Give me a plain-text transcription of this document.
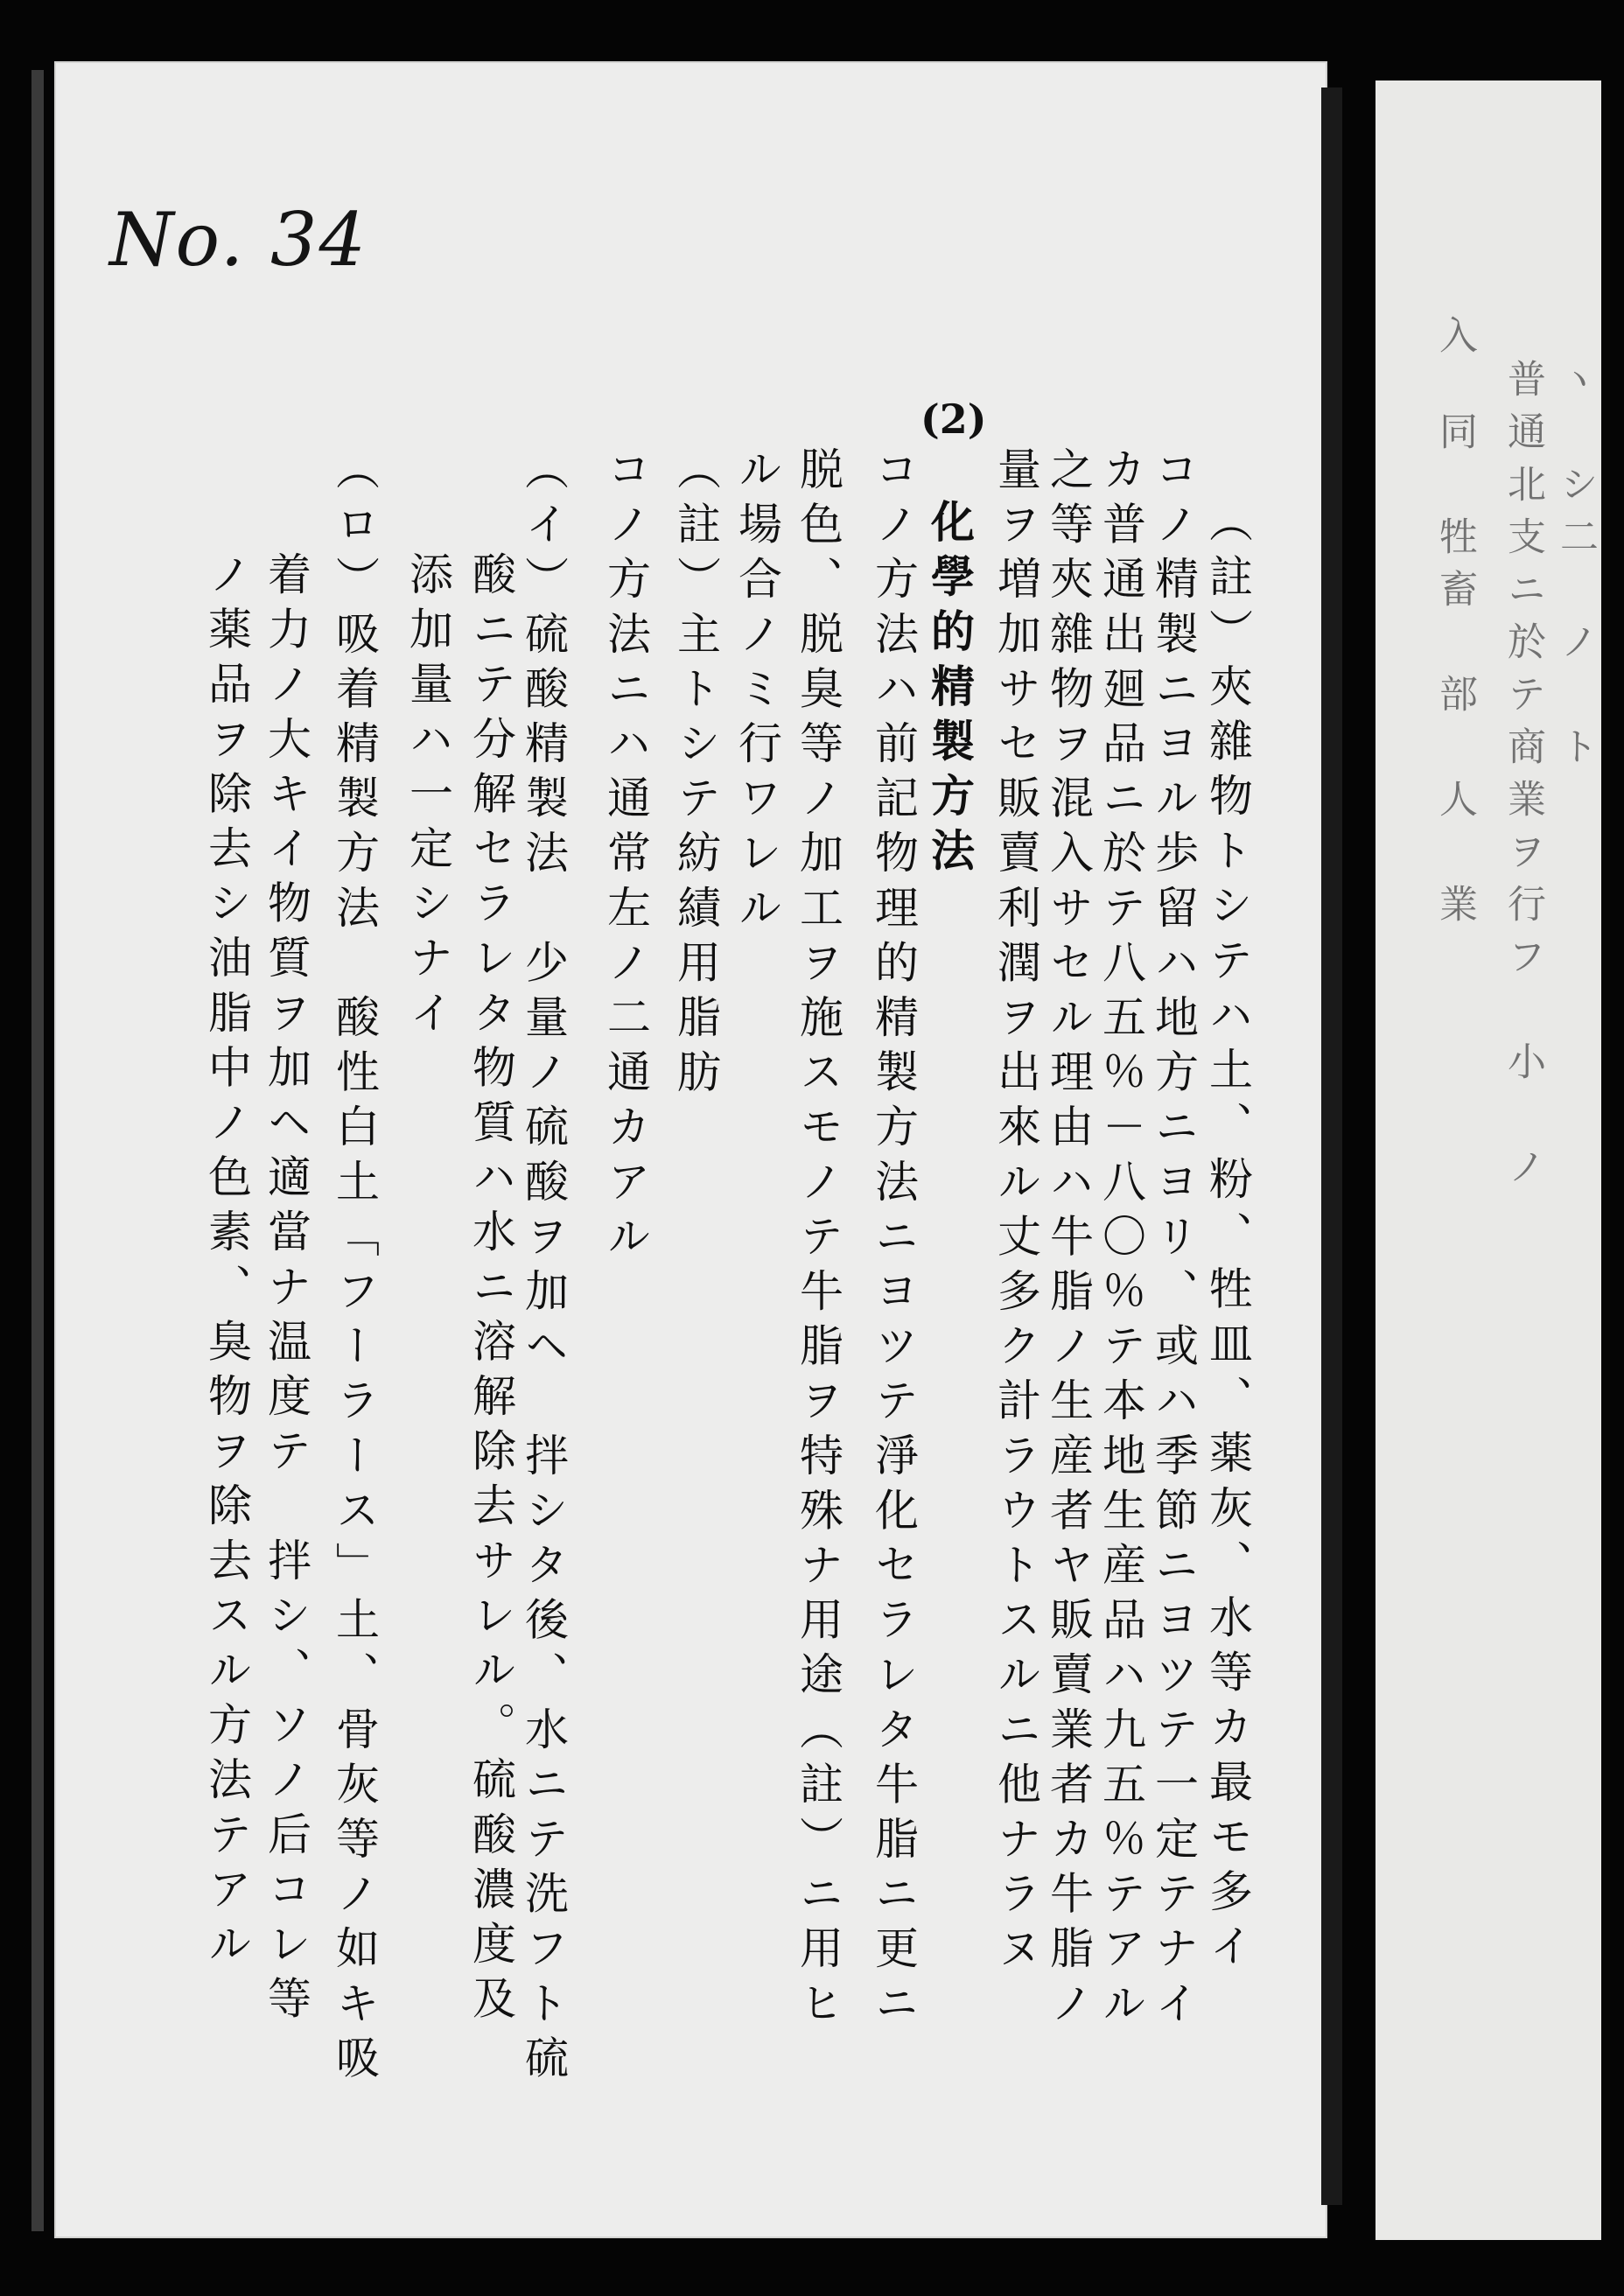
No. 34
(2)
（註）夾雜物トシテハ土、粉、牲皿、薬灰、水等カ最モ多イ
コノ精製ニヨル歩留ハ地方ニヨリ、或ハ季節ニヨツテ一定テナイ
カ普通出廻品ニ於テ八五％－八〇％テ本地生産品ハ九五％テアル
之等夾雜物ヲ混入サセル理由ハ牛脂ノ生産者ヤ販賣業者カ牛脂ノ
量ヲ増加サセ販賣利潤ヲ出來ル丈多ク計ラウトスルニ他ナラヌ
化學的精製方法
コノ方法ハ前記物理的精製方法ニヨツテ淨化セラレタ牛脂ニ更ニ
脱色、脱臭等ノ加工ヲ施スモノテ牛脂ヲ特殊ナ用途（註）ニ用ヒ
ル場合ノミ行ワレル
（註）主トシテ紡績用脂肪
コノ方法ニハ通常左ノ二通カアル
（イ）硫酸精製法　少量ノ硫酸ヲ加ヘ　拌シタ後、水ニテ洗フト硫
酸ニテ分解セラレタ物質ハ水ニ溶解除去サレル。硫酸濃度及
添加量ハ一定シナイ
（ロ）吸着精製方法　酸性白土「フーラース」土、骨灰等ノ如キ吸
着力ノ大キイ物質ヲ加ヘ適當ナ温度テ　拌シ、ソノ后コレ等
ノ薬品ヲ除去シ油脂中ノ色素、臭物ヲ除去スル方法テアル	ヽ　シ二　ノ　ト
普通北支ニ於テ商業ヲ行フ　小　ノ
同　牲畜　部　人　業
入
